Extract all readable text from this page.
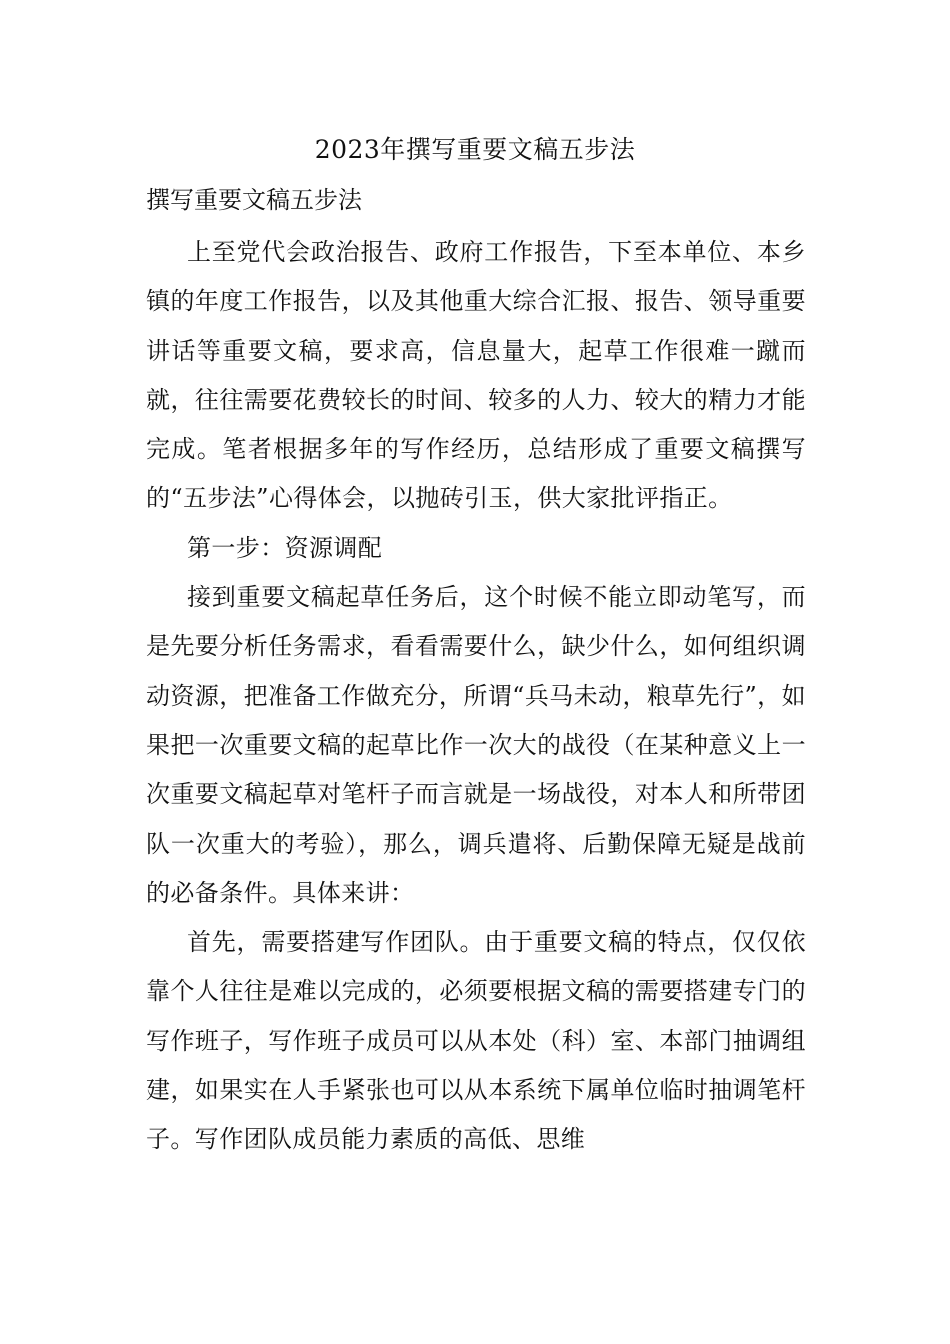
2023年撰写重要文稿五步法
撰写重要文稿五步法

上至党代会政治报告、政府工作报告，下至本单位、本乡镇的年度工作报告，以及其他重大综合汇报、报告、领导重要讲话等重要文稿，要求高，信息量大，起草工作很难一蹴而就，往往需要花费较长的时间、较多的人力、较大的精力才能完成。笔者根据多年的写作经历，总结形成了重要文稿撰写的“五步法”心得体会，以抛砖引玉，供大家批评指正。

第一步：资源调配

接到重要文稿起草任务后，这个时候不能立即动笔写，而是先要分析任务需求，看看需要什么，缺少什么，如何组织调动资源，把准备工作做充分，所谓“兵马未动，粮草先行”，如果把一次重要文稿的起草比作一次大的战役（在某种意义上一次重要文稿起草对笔杆子而言就是一场战役，对本人和所带团队一次重大的考验），那么，调兵遣将、后勤保障无疑是战前的必备条件。具体来讲：

首先，需要搭建写作团队。由于重要文稿的特点，仅仅依靠个人往往是难以完成的，必须要根据文稿的需要搭建专门的写作班子，写作班子成员可以从本处（科）室、本部门抽调组建，如果实在人手紧张也可以从本系统下属单位临时抽调笔杆子。写作团队成员能力素质的高低、思维
